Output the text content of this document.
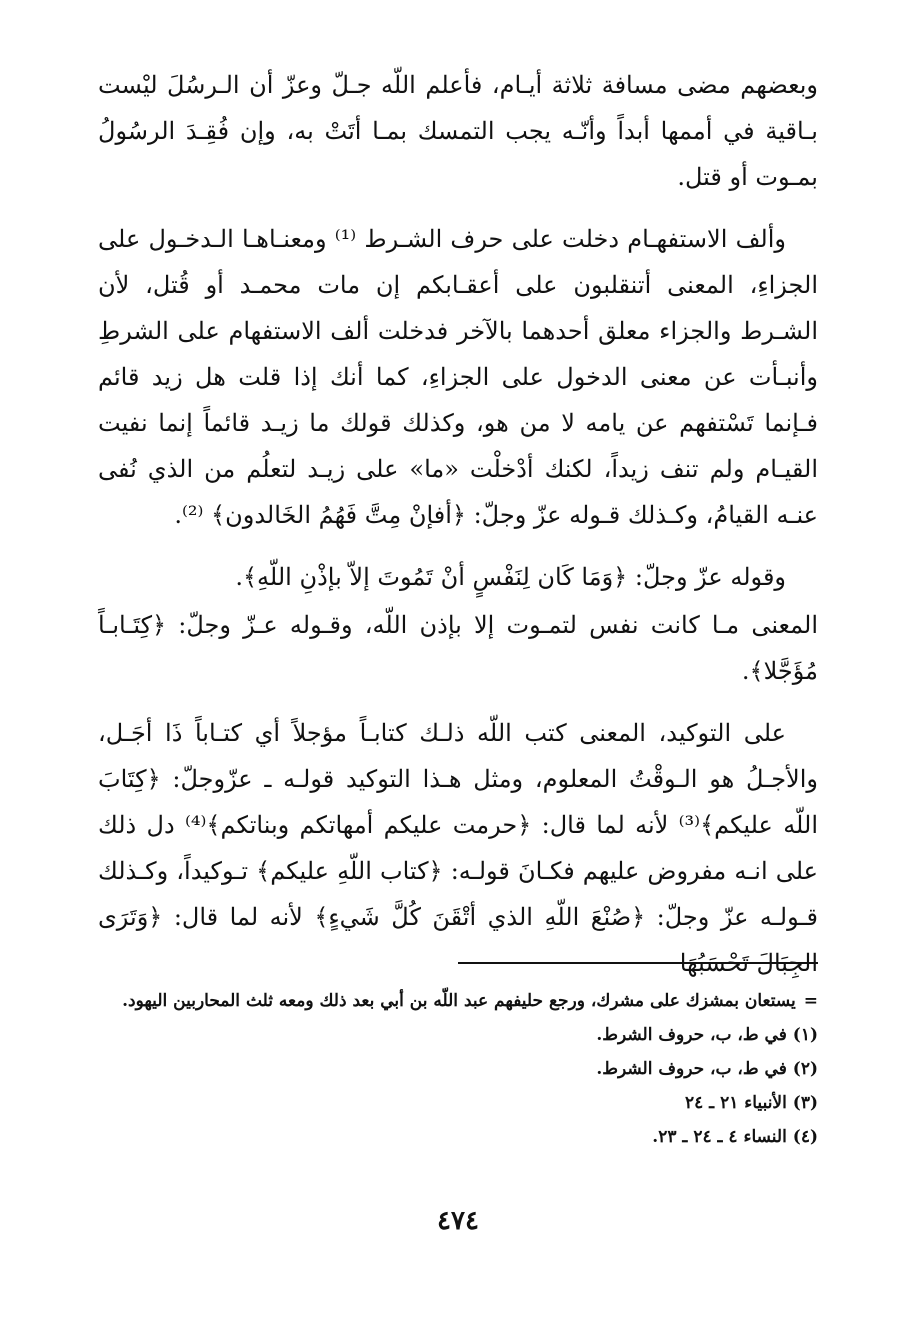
وبعضهم مضى مسافة ثلاثة أيـام، فأعلم اللّه جـلّ وعزّ أن الـرسُلَ ليْست بـاقية في أممها أبداً وأنّـه يجب التمسك بمـا أتَتْ به، وإن فُقِـدَ الرسُولُ بمـوت أو قتل.

وألف الاستفهـام دخلت على حرف الشـرط ⁽¹⁾ ومعنـاهـا الـدخـول على الجزاءِ، المعنى أتنقلبون على أعقـابكم إن مات محمـد أو قُتل، لأن الشـرط والجزاء معلق أحدهما بالآخر فدخلت ألف الاستفهام على الشرطِ وأنبـأت عن معنى الدخول على الجزاءِ، كما أنك إذا قلت هل زيد قائم فـإنما تَسْتفهم عن يامه لا من هو، وكذلك قولك ما زيـد قائماً إنما نفيت القيـام ولم تنف زيداً، لكنك أدْخلْت «ما» على زيـد لتعلُم من الذي نُفى عنـه القيامُ، وكـذلك قـوله عزّ وجلّ: ﴿أفإنْ مِتَّ فَهُمُ الخَالدون﴾ ⁽²⁾.

وقوله عزّ وجلّ: ﴿وَمَا كَان لِنَفْسٍ أنْ تَمُوتَ إلاّ بإذْنِ اللّهِ﴾.

المعنى مـا كانت نفس لتمـوت إلا بإذن اللّه، وقـوله عـزّ وجلّ: ﴿كِتَـابـاً مُؤَجَّلا﴾.

على التوكيد، المعنى كتب اللّه ذلـك كتابـاً مؤجلاً أي كتـاباً ذَا أجَـل، والأجـلُ هو الـوقْتُ المعلوم، ومثل هـذا التوكيد قولـه ـ عزّوجلّ: ﴿كِتَابَ اللّه عليكم﴾⁽³⁾ لأنه لما قال: ﴿حرمت عليكم أمهاتكم وبناتكم﴾⁽⁴⁾ دل ذلك على انـه مفروض عليهم فكـانَ قولـه: ﴿كتاب اللّهِ عليكم﴾ تـوكيداً، وكـذلك قـولـه عزّ وجلّ: ﴿صُنْعَ اللّهِ الذي أتْقَنَ كُلَّ شَيءٍ﴾ لأنه لما قال: ﴿وَتَرَى الجِبَالَ تَحْسَبُهَا

=يستعان بمشزك على مشرك، ورجع حليفهم عبد اللّه بن أبي بعد ذلك ومعه ثلث المحاربين اليهود.
(١) في ط، ب، حروف الشرط.
(٢) في ط، ب، حروف الشرط.
(٣) الأنبياء ٢١ ـ ٢٤
(٤) النساء ٤ ـ ٢٤ ـ ٢٣.
٤٧٤
